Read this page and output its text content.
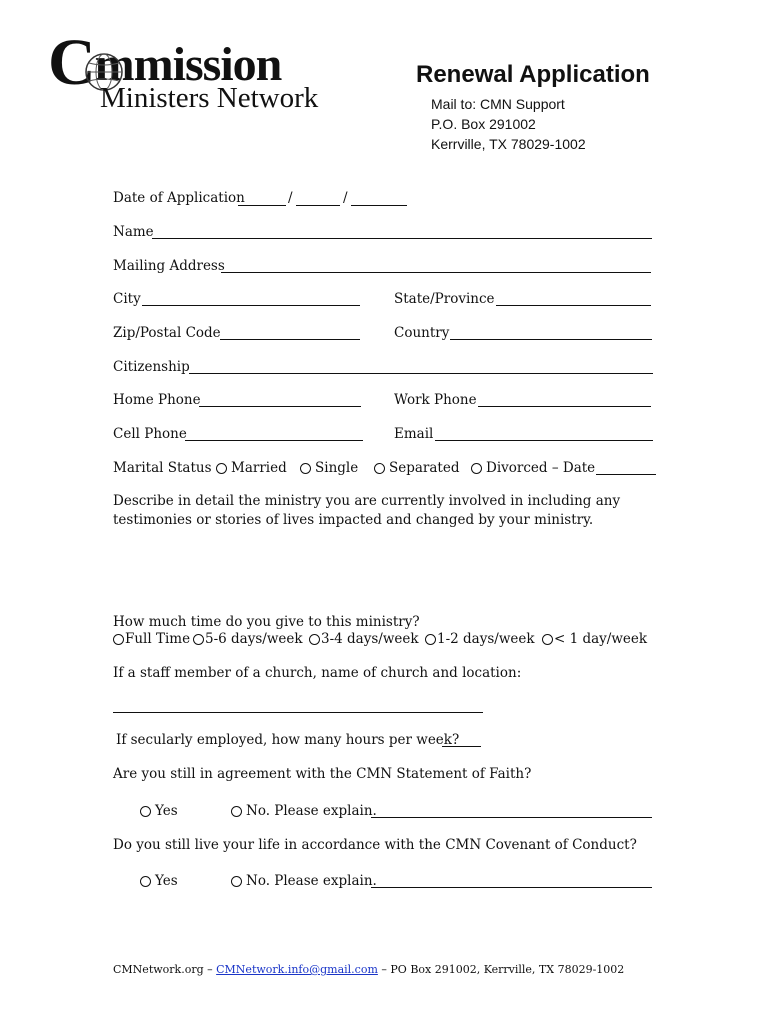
Cmmission
Ministers Network
Renewal Application
Mail to: CMN Support
P.O. Box 291002
Kerrville, TX 78029-1002
Date of Application	/	/
Name
Mailing Address
City	State/Province
Zip/Postal Code	Country
Citizenship
Home Phone	Work Phone
Cell Phone	Email
Marital Status	Married	Single	Separated	Divorced – Date
Describe in detail the ministry you are currently involved in including any
testimonies or stories of lives impacted and changed by your ministry.
How much time do you give to this ministry?
Full Time	5-6 days/week	3-4 days/week	1-2 days/week	< 1 day/week
If a staff member of a church, name of church and location:
If secularly employed, how many hours per week?
Are you still in agreement with the CMN Statement of Faith?
Yes	No. Please explain.
Do you still live your life in accordance with the CMN Covenant of Conduct?
Yes	No. Please explain.
CMNetwork.org – CMNetwork.info@gmail.com – PO Box 291002, Kerrville, TX 78029-1002
